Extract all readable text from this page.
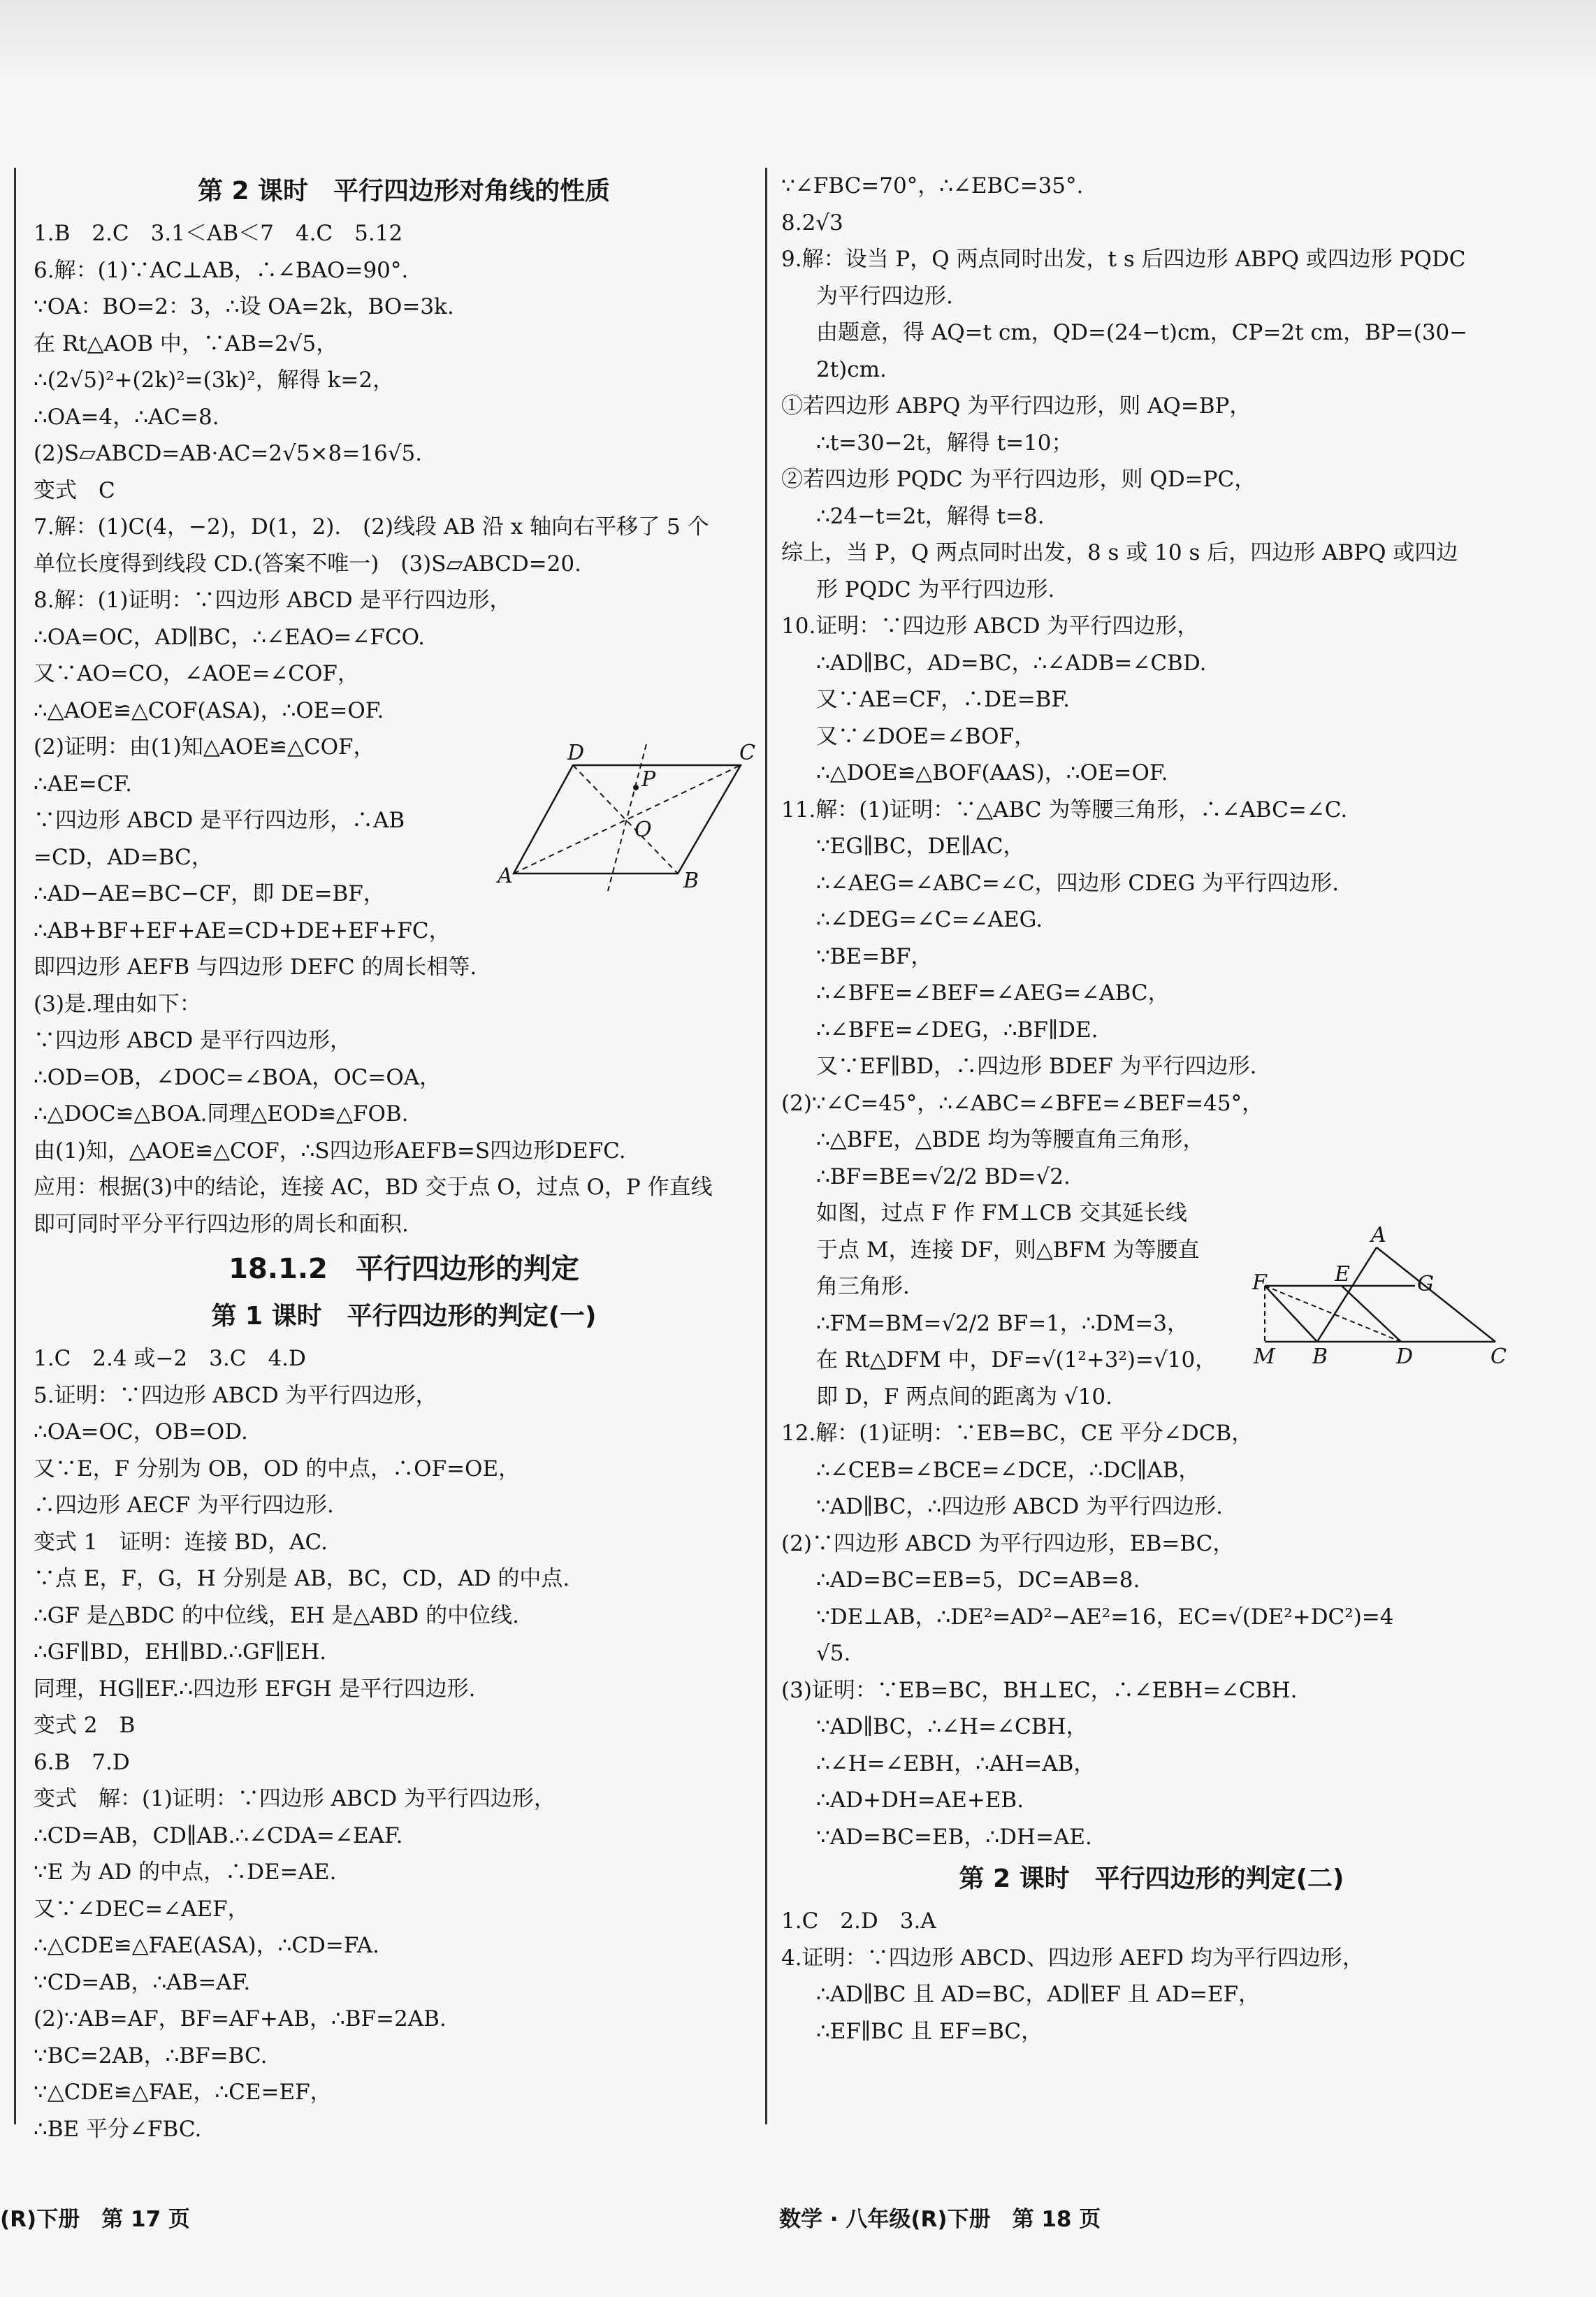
第 2 课时　平行四边形对角线的性质
1.B　2.C　3.1＜AB＜7　4.C　5.12
6.解：(1)∵AC⊥AB，∴∠BAO=90°.
∵OA：BO=2：3，∴设 OA=2k，BO=3k.
在 Rt△AOB 中，∵AB=2√5，
∴(2√5)²+(2k)²=(3k)²，解得 k=2，
∴OA=4，∴AC=8.
(2)S▱ABCD=AB·AC=2√5×8=16√5.
变式　C
7.解：(1)C(4，−2)，D(1，2).　(2)线段 AB 沿 x 轴向右平移了 5 个
单位长度得到线段 CD.(答案不唯一)　(3)S▱ABCD=20.
8.解：(1)证明：∵四边形 ABCD 是平行四边形，
∴OA=OC，AD∥BC，∴∠EAO=∠FCO.
又∵AO=CO，∠AOE=∠COF，
∴△AOE≌△COF(ASA)，∴OE=OF.
(2)证明：由(1)知△AOE≌△COF，
∴AE=CF.
∵四边形 ABCD 是平行四边形，∴AB
=CD，AD=BC，
∴AD−AE=BC−CF，即 DE=BF，
∴AB+BF+EF+AE=CD+DE+EF+FC，
即四边形 AEFB 与四边形 DEFC 的周长相等.
(3)是.理由如下：
∵四边形 ABCD 是平行四边形，
∴OD=OB，∠DOC=∠BOA，OC=OA，
∴△DOC≌△BOA.同理△EOD≌△FOB.
由(1)知，△AOE≌△COF，∴S四边形AEFB=S四边形DEFC.
应用：根据(3)中的结论，连接 AC，BD 交于点 O，过点 O，P 作直线
即可同时平分平行四边形的周长和面积.
18.1.2　平行四边形的判定
第 1 课时　平行四边形的判定(一)
1.C　2.4 或−2　3.C　4.D
5.证明：∵四边形 ABCD 为平行四边形，
∴OA=OC，OB=OD.
又∵E，F 分别为 OB，OD 的中点，∴OF=OE，
∴四边形 AECF 为平行四边形.
变式 1　证明：连接 BD，AC.
∵点 E，F，G，H 分别是 AB，BC，CD，AD 的中点.
∴GF 是△BDC 的中位线，EH 是△ABD 的中位线.
∴GF∥BD，EH∥BD.∴GF∥EH.
同理，HG∥EF.∴四边形 EFGH 是平行四边形.
变式 2　B
6.B　7.D
变式　解：(1)证明：∵四边形 ABCD 为平行四边形，
∴CD=AB，CD∥AB.∴∠CDA=∠EAF.
∵E 为 AD 的中点，∴DE=AE.
又∵∠DEC=∠AEF，
∴△CDE≌△FAE(ASA)，∴CD=FA.
∵CD=AB，∴AB=AF.
(2)∵AB=AF，BF=AF+AB，∴BF=2AB.
∵BC=2AB，∴BF=BC.
∵△CDE≌△FAE，∴CE=EF，
∴BE 平分∠FBC.
∵∠FBC=70°，∴∠EBC=35°.
8.2√3
9.解：设当 P，Q 两点同时出发，t s 后四边形 ABPQ 或四边形 PQDC
为平行四边形.
由题意，得 AQ=t cm，QD=(24−t)cm，CP=2t cm，BP=(30−
2t)cm.
①若四边形 ABPQ 为平行四边形，则 AQ=BP，
∴t=30−2t，解得 t=10；
②若四边形 PQDC 为平行四边形，则 QD=PC，
∴24−t=2t，解得 t=8.
综上，当 P，Q 两点同时出发，8 s 或 10 s 后，四边形 ABPQ 或四边
形 PQDC 为平行四边形.
10.证明：∵四边形 ABCD 为平行四边形，
∴AD∥BC，AD=BC，∴∠ADB=∠CBD.
又∵AE=CF，∴DE=BF.
又∵∠DOE=∠BOF，
∴△DOE≌△BOF(AAS)，∴OE=OF.
11.解：(1)证明：∵△ABC 为等腰三角形，∴∠ABC=∠C.
∵EG∥BC，DE∥AC，
∴∠AEG=∠ABC=∠C，四边形 CDEG 为平行四边形.
∴∠DEG=∠C=∠AEG.
∵BE=BF，
∴∠BFE=∠BEF=∠AEG=∠ABC，
∴∠BFE=∠DEG，∴BF∥DE.
又∵EF∥BD，∴四边形 BDEF 为平行四边形.
(2)∵∠C=45°，∴∠ABC=∠BFE=∠BEF=45°，
∴△BFE，△BDE 均为等腰直角三角形，
∴BF=BE=√2/2 BD=√2.
如图，过点 F 作 FM⊥CB 交其延长线
于点 M，连接 DF，则△BFM 为等腰直
角三角形.
∴FM=BM=√2/2 BF=1，∴DM=3，
在 Rt△DFM 中，DF=√(1²+3²)=√10，
即 D，F 两点间的距离为 √10.
12.解：(1)证明：∵EB=BC，CE 平分∠DCB，
∴∠CEB=∠BCE=∠DCE，∴DC∥AB，
∵AD∥BC，∴四边形 ABCD 为平行四边形.
(2)∵四边形 ABCD 为平行四边形，EB=BC，
∴AD=BC=EB=5，DC=AB=8.
∵DE⊥AB，∴DE²=AD²−AE²=16，EC=√(DE²+DC²)=4
√5.
(3)证明：∵EB=BC，BH⊥EC，∴∠EBH=∠CBH.
∵AD∥BC，∴∠H=∠CBH，
∴∠H=∠EBH，∴AH=AB，
∴AD+DH=AE+EB.
∵AD=BC=EB，∴DH=AE.
第 2 课时　平行四边形的判定(二)
1.C　2.D　3.A
4.证明：∵四边形 ABCD、四边形 AEFD 均为平行四边形，
∴AD∥BC 且 AD=BC，AD∥EF 且 AD=EF，
∴EF∥BC 且 EF=BC，
D	C
A	B
O
P
A
E	G
F
M B	D	C
(R)下册　第 17 页	数学 · 八年级(R)下册　第 18 页
